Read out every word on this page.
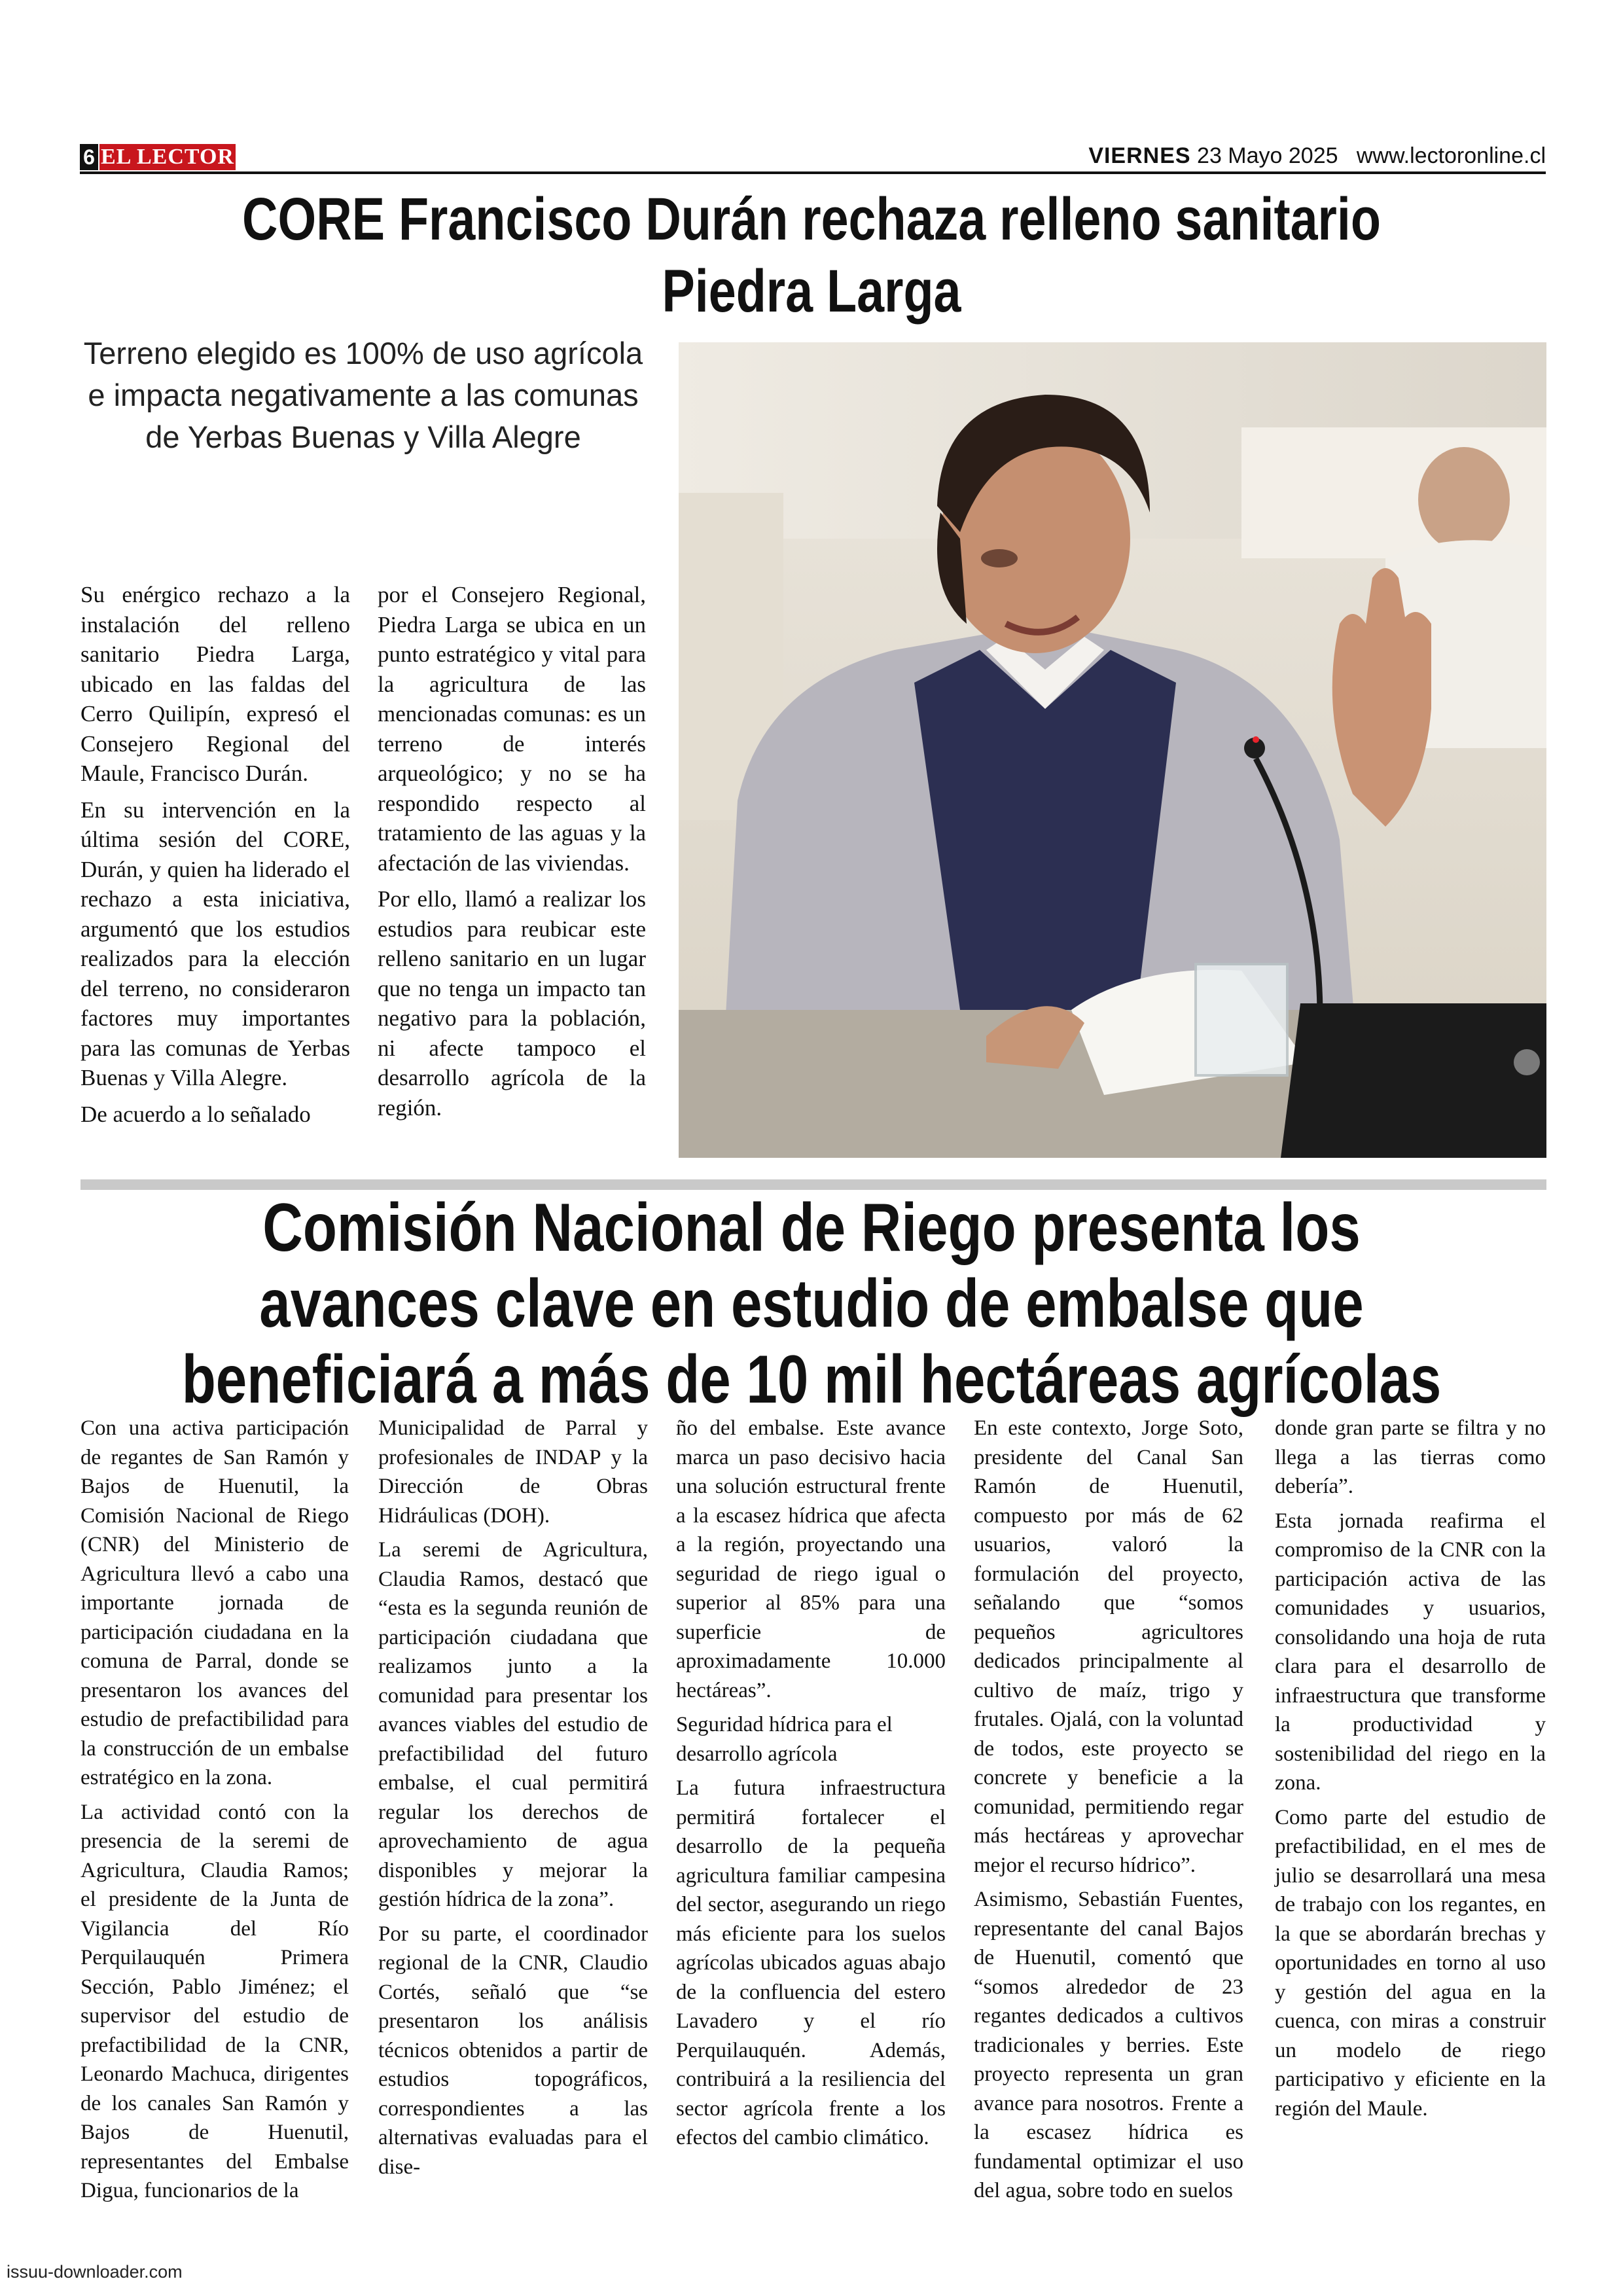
6 EL LECTOR	VIERNES 23 Mayo 2025 www.lectoronline.cl
CORE Francisco Durán rechaza relleno sanitario Piedra Larga
Terreno elegido es 100% de uso agrícola e impacta negativamente a las comunas de Yerbas Buenas y Villa Alegre

Su enérgico rechazo a la instalación del relleno sanitario Piedra Larga, ubicado en las faldas del Cerro Quilipín, expresó el Consejero Regional del Maule, Francisco Durán.

En su intervención en la última sesión del CORE, Durán, y quien ha liderado el rechazo a esta iniciativa, argumentó que los estudios realizados para la elección del terreno, no consideraron factores muy importantes para las comunas de Yerbas Buenas y Villa Alegre.

De acuerdo a lo señalado

por el Consejero Regional, Piedra Larga se ubica en un punto estratégico y vital para la agricultura de las mencionadas comunas: es un terreno de interés arqueológico; y no se ha respondido respecto al tratamiento de las aguas y la afectación de las viviendas.

Por ello, llamó a realizar los estudios para reubicar este relleno sanitario en un lugar que no tenga un impacto tan negativo para la población, ni afecte tampoco el desarrollo agrícola de la región.

Comisión Nacional de Riego presenta los avances clave en estudio de embalse que beneficiará a más de 10 mil hectáreas agrícolas

Con una activa participación de regantes de San Ramón y Bajos de Huenutil, la Comisión Nacional de Riego (CNR) del Ministerio de Agricultura llevó a cabo una importante jornada de participación ciudadana en la comuna de Parral, donde se presentaron los avances del estudio de prefactibilidad para la construcción de un embalse estratégico en la zona.

La actividad contó con la presencia de la seremi de Agricultura, Claudia Ramos; el presidente de la Junta de Vigilancia del Río Perquilauquén Primera Sección, Pablo Jiménez; el supervisor del estudio de prefactibilidad de la CNR, Leonardo Machuca, dirigentes de los canales San Ramón y Bajos de Huenutil, representantes del Embalse Digua, funcionarios de la

Municipalidad de Parral y profesionales de INDAP y la Dirección de Obras Hidráulicas (DOH).

La seremi de Agricultura, Claudia Ramos, destacó que “esta es la segunda reunión de participación ciudadana que realizamos junto a la comunidad para presentar los avances viables del estudio de prefactibilidad del futuro embalse, el cual permitirá regular los derechos de aprovechamiento de agua disponibles y mejorar la gestión hídrica de la zona”.

Por su parte, el coordinador regional de la CNR, Claudio Cortés, señaló que “se presentaron los análisis técnicos obtenidos a partir de estudios topográficos, correspondientes a las alternativas evaluadas para el dise-

ño del embalse. Este avance marca un paso decisivo hacia una solución estructural frente a la escasez hídrica que afecta a la región, proyectando una seguridad de riego igual o superior al 85% para una superficie de aproximadamente 10.000 hectáreas”.

Seguridad hídrica para el desarrollo agrícola

La futura infraestructura permitirá fortalecer el desarrollo de la pequeña agricultura familiar campesina del sector, asegurando un riego más eficiente para los suelos agrícolas ubicados aguas abajo de la confluencia del estero Lavadero y el río Perquilauquén. Además, contribuirá a la resiliencia del sector agrícola frente a los efectos del cambio climático.

En este contexto, Jorge Soto, presidente del Canal San Ramón de Huenutil, compuesto por más de 62 usuarios, valoró la formulación del proyecto, señalando que “somos pequeños agricultores dedicados principalmente al cultivo de maíz, trigo y frutales. Ojalá, con la voluntad de todos, este proyecto se concrete y beneficie a la comunidad, permitiendo regar más hectáreas y aprovechar mejor el recurso hídrico”.

Asimismo, Sebastián Fuentes, representante del canal Bajos de Huenutil, comentó que “somos alrededor de 23 regantes dedicados a cultivos tradicionales y berries. Este proyecto representa un gran avance para nosotros. Frente a la escasez hídrica es fundamental optimizar el uso del agua, sobre todo en suelos

donde gran parte se filtra y no llega a las tierras como debería”.

Esta jornada reafirma el compromiso de la CNR con la participación activa de las comunidades y usuarios, consolidando una hoja de ruta clara para el desarrollo de infraestructura que transforme la productividad y sostenibilidad del riego en la zona.

Como parte del estudio de prefactibilidad, en el mes de julio se desarrollará una mesa de trabajo con los regantes, en la que se abordarán brechas y oportunidades en torno al uso y gestión del agua en la cuenca, con miras a construir un modelo de riego participativo y eficiente en la región del Maule.

issuu-downloader.com
